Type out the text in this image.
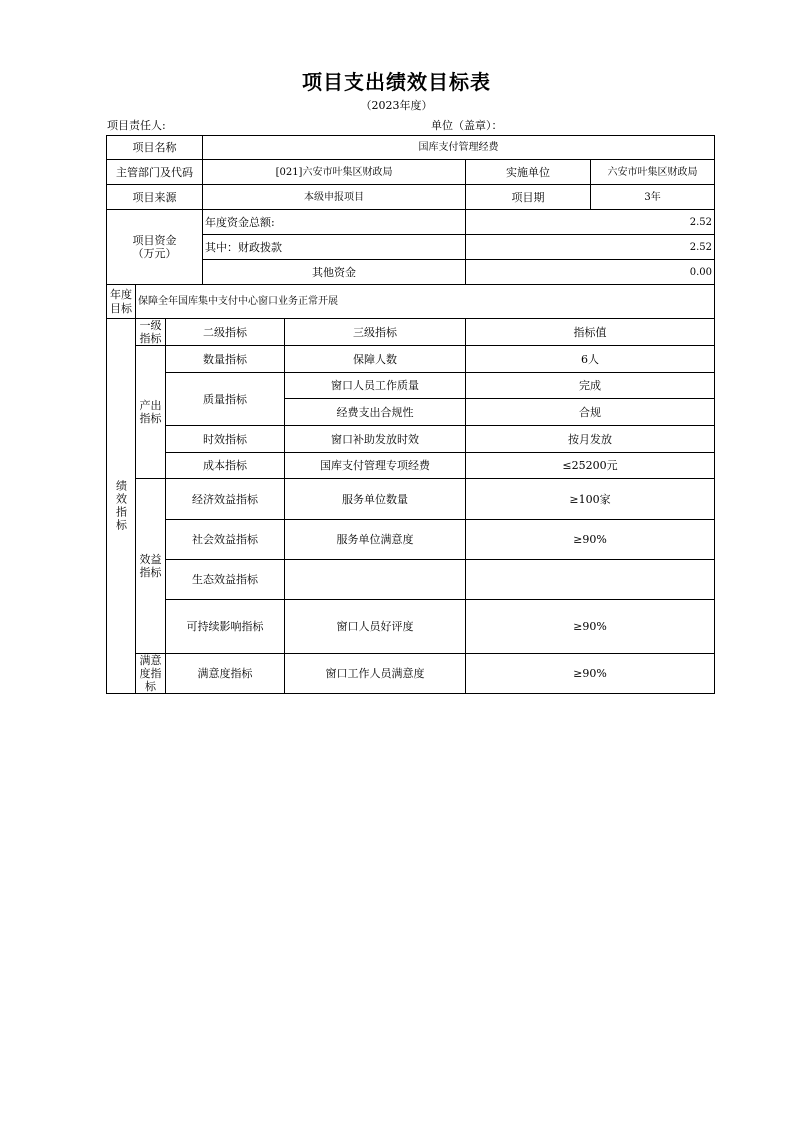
项目支出绩效目标表
（2023年度）
项目责任人:	单位（盖章）：
项目名称			国库支付管理经费			
主管部门及代码			[021]六安市叶集区财政局		实施单位	六安市叶集区财政局
项目来源			本级申报项目		项目期	3年

项目资金（万元）			年度资金总额:		2.52	
			其中：财政拨款		2.52	
			其他资金		0.00	

年度目标	保障全年国库集中支付中心窗口业务正常开展					

绩效指标	一级指标	二级指标		三级指标	指标值	

	产出指标	数量指标		保障人数	6人	
		质量指标		窗口人员工作质量	完成	
				经费支出合规性	合规	
		时效指标		窗口补助发放时效	按月发放	
		成本指标		国库支付管理专项经费	≤25200元	

	效益指标	经济效益指标		服务单位数量	≥100家	
		社会效益指标		服务单位满意度	≥90%	
		生态效益指标				
		可持续影响指标		窗口人员好评度	≥90%	

	满意度指标	满意度指标		窗口工作人员满意度	≥90%	
